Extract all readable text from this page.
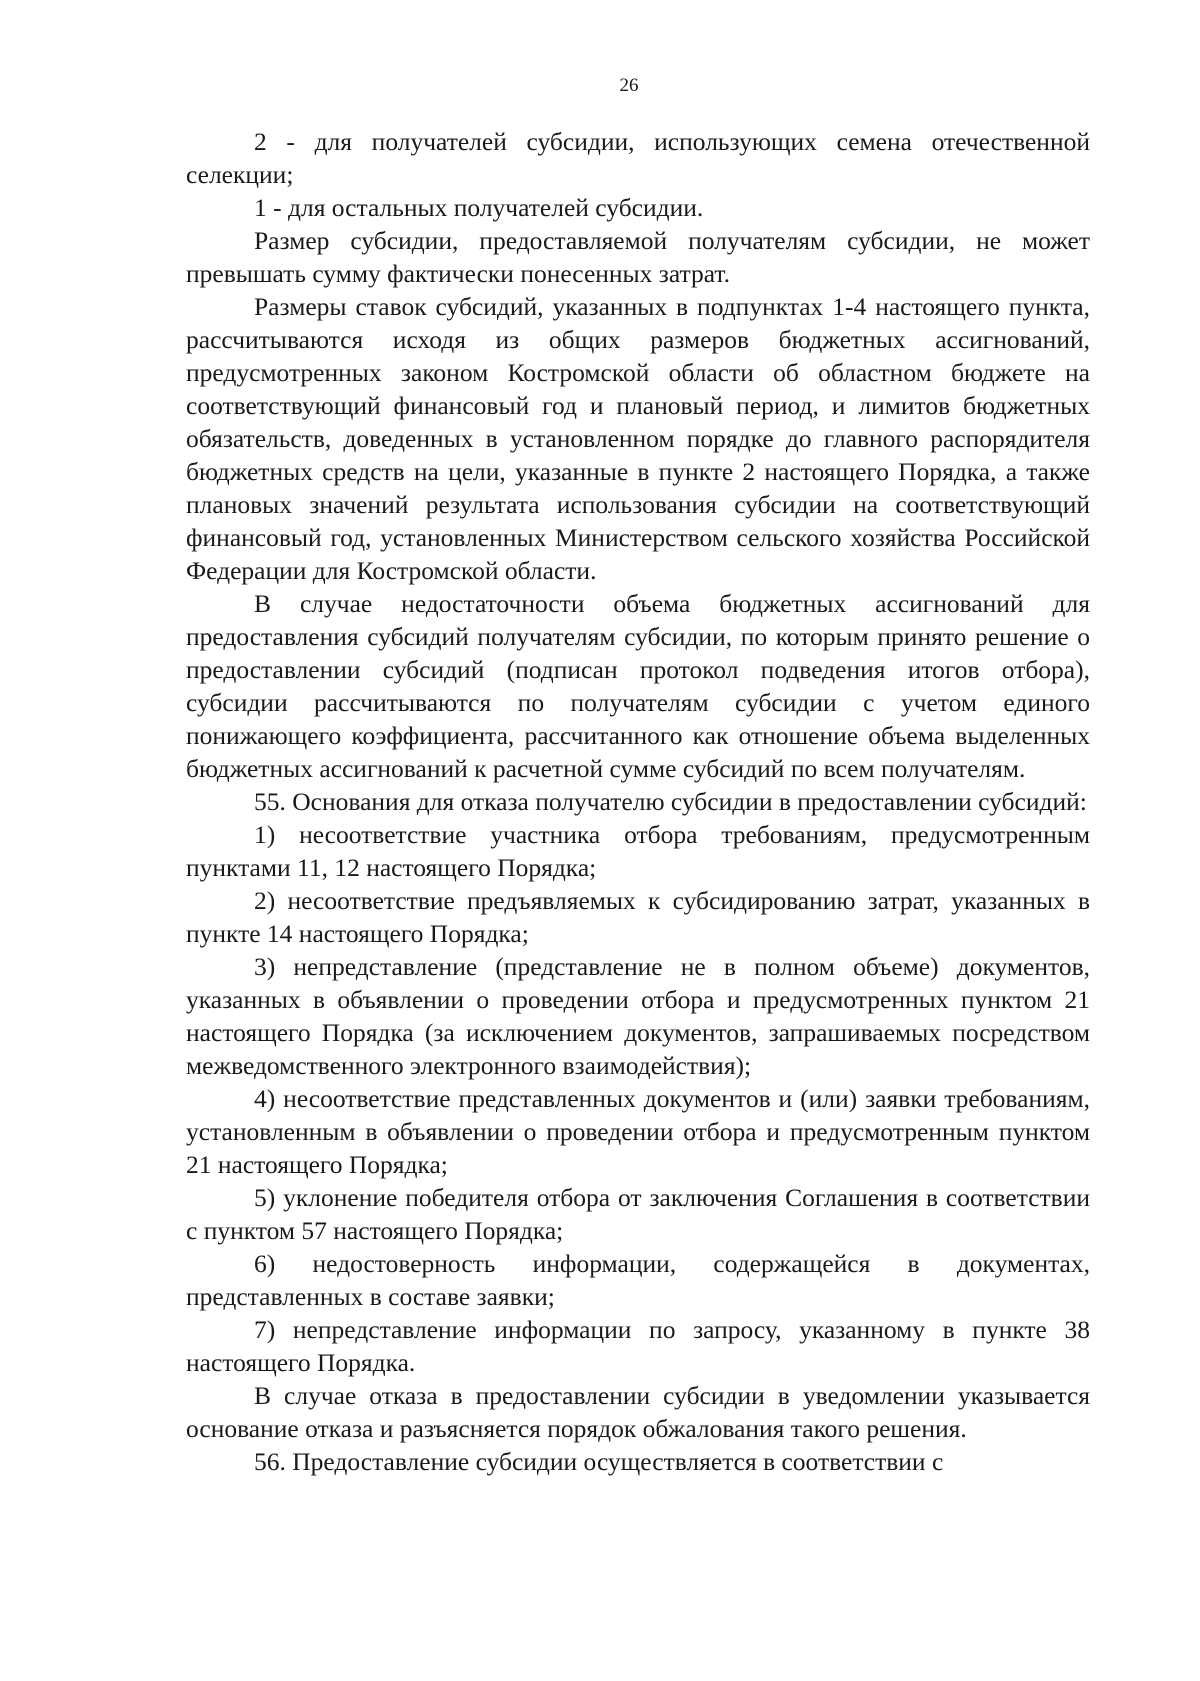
26

2 - для получателей субсидии, использующих семена отечественной селекции;

1 - для остальных получателей субсидии.

Размер субсидии, предоставляемой получателям субсидии, не может превышать сумму фактически понесенных затрат.

Размеры ставок субсидий, указанных в подпунктах 1-4 настоящего пункта, рассчитываются исходя из общих размеров бюджетных ассигнований, предусмотренных законом Костромской области об областном бюджете на соответствующий финансовый год и плановый период, и лимитов бюджетных обязательств, доведенных в установленном порядке до главного распорядителя бюджетных средств на цели, указанные в пункте 2 настоящего Порядка, а также плановых значений результата использования субсидии на соответствующий финансовый год, установленных Министерством сельского хозяйства Российской Федерации для Костромской области.

В случае недостаточности объема бюджетных ассигнований для предоставления субсидий получателям субсидии, по которым принято решение о предоставлении субсидий (подписан протокол подведения итогов отбора), субсидии рассчитываются по получателям субсидии с учетом единого понижающего коэффициента, рассчитанного как отношение объема выделенных бюджетных ассигнований к расчетной сумме субсидий по всем получателям.

55. Основания для отказа получателю субсидии в предоставлении субсидий:

1) несоответствие участника отбора требованиям, предусмотренным пунктами 11, 12 настоящего Порядка;

2) несоответствие предъявляемых к субсидированию затрат, указанных в пункте 14 настоящего Порядка;

3) непредставление (представление не в полном объеме) документов, указанных в объявлении о проведении отбора и предусмотренных пунктом 21 настоящего Порядка (за исключением документов, запрашиваемых посредством межведомственного электронного взаимодействия);

4) несоответствие представленных документов и (или) заявки требованиям, установленным в объявлении о проведении отбора и предусмотренным пунктом 21 настоящего Порядка;

5) уклонение победителя отбора от заключения Соглашения в соответствии с пунктом 57 настоящего Порядка;

6) недостоверность информации, содержащейся в документах, представленных в составе заявки;

7) непредставление информации по запросу, указанному в пункте 38 настоящего Порядка.

В случае отказа в предоставлении субсидии в уведомлении указывается основание отказа и разъясняется порядок обжалования такого решения.

56. Предоставление субсидии осуществляется в соответствии с
